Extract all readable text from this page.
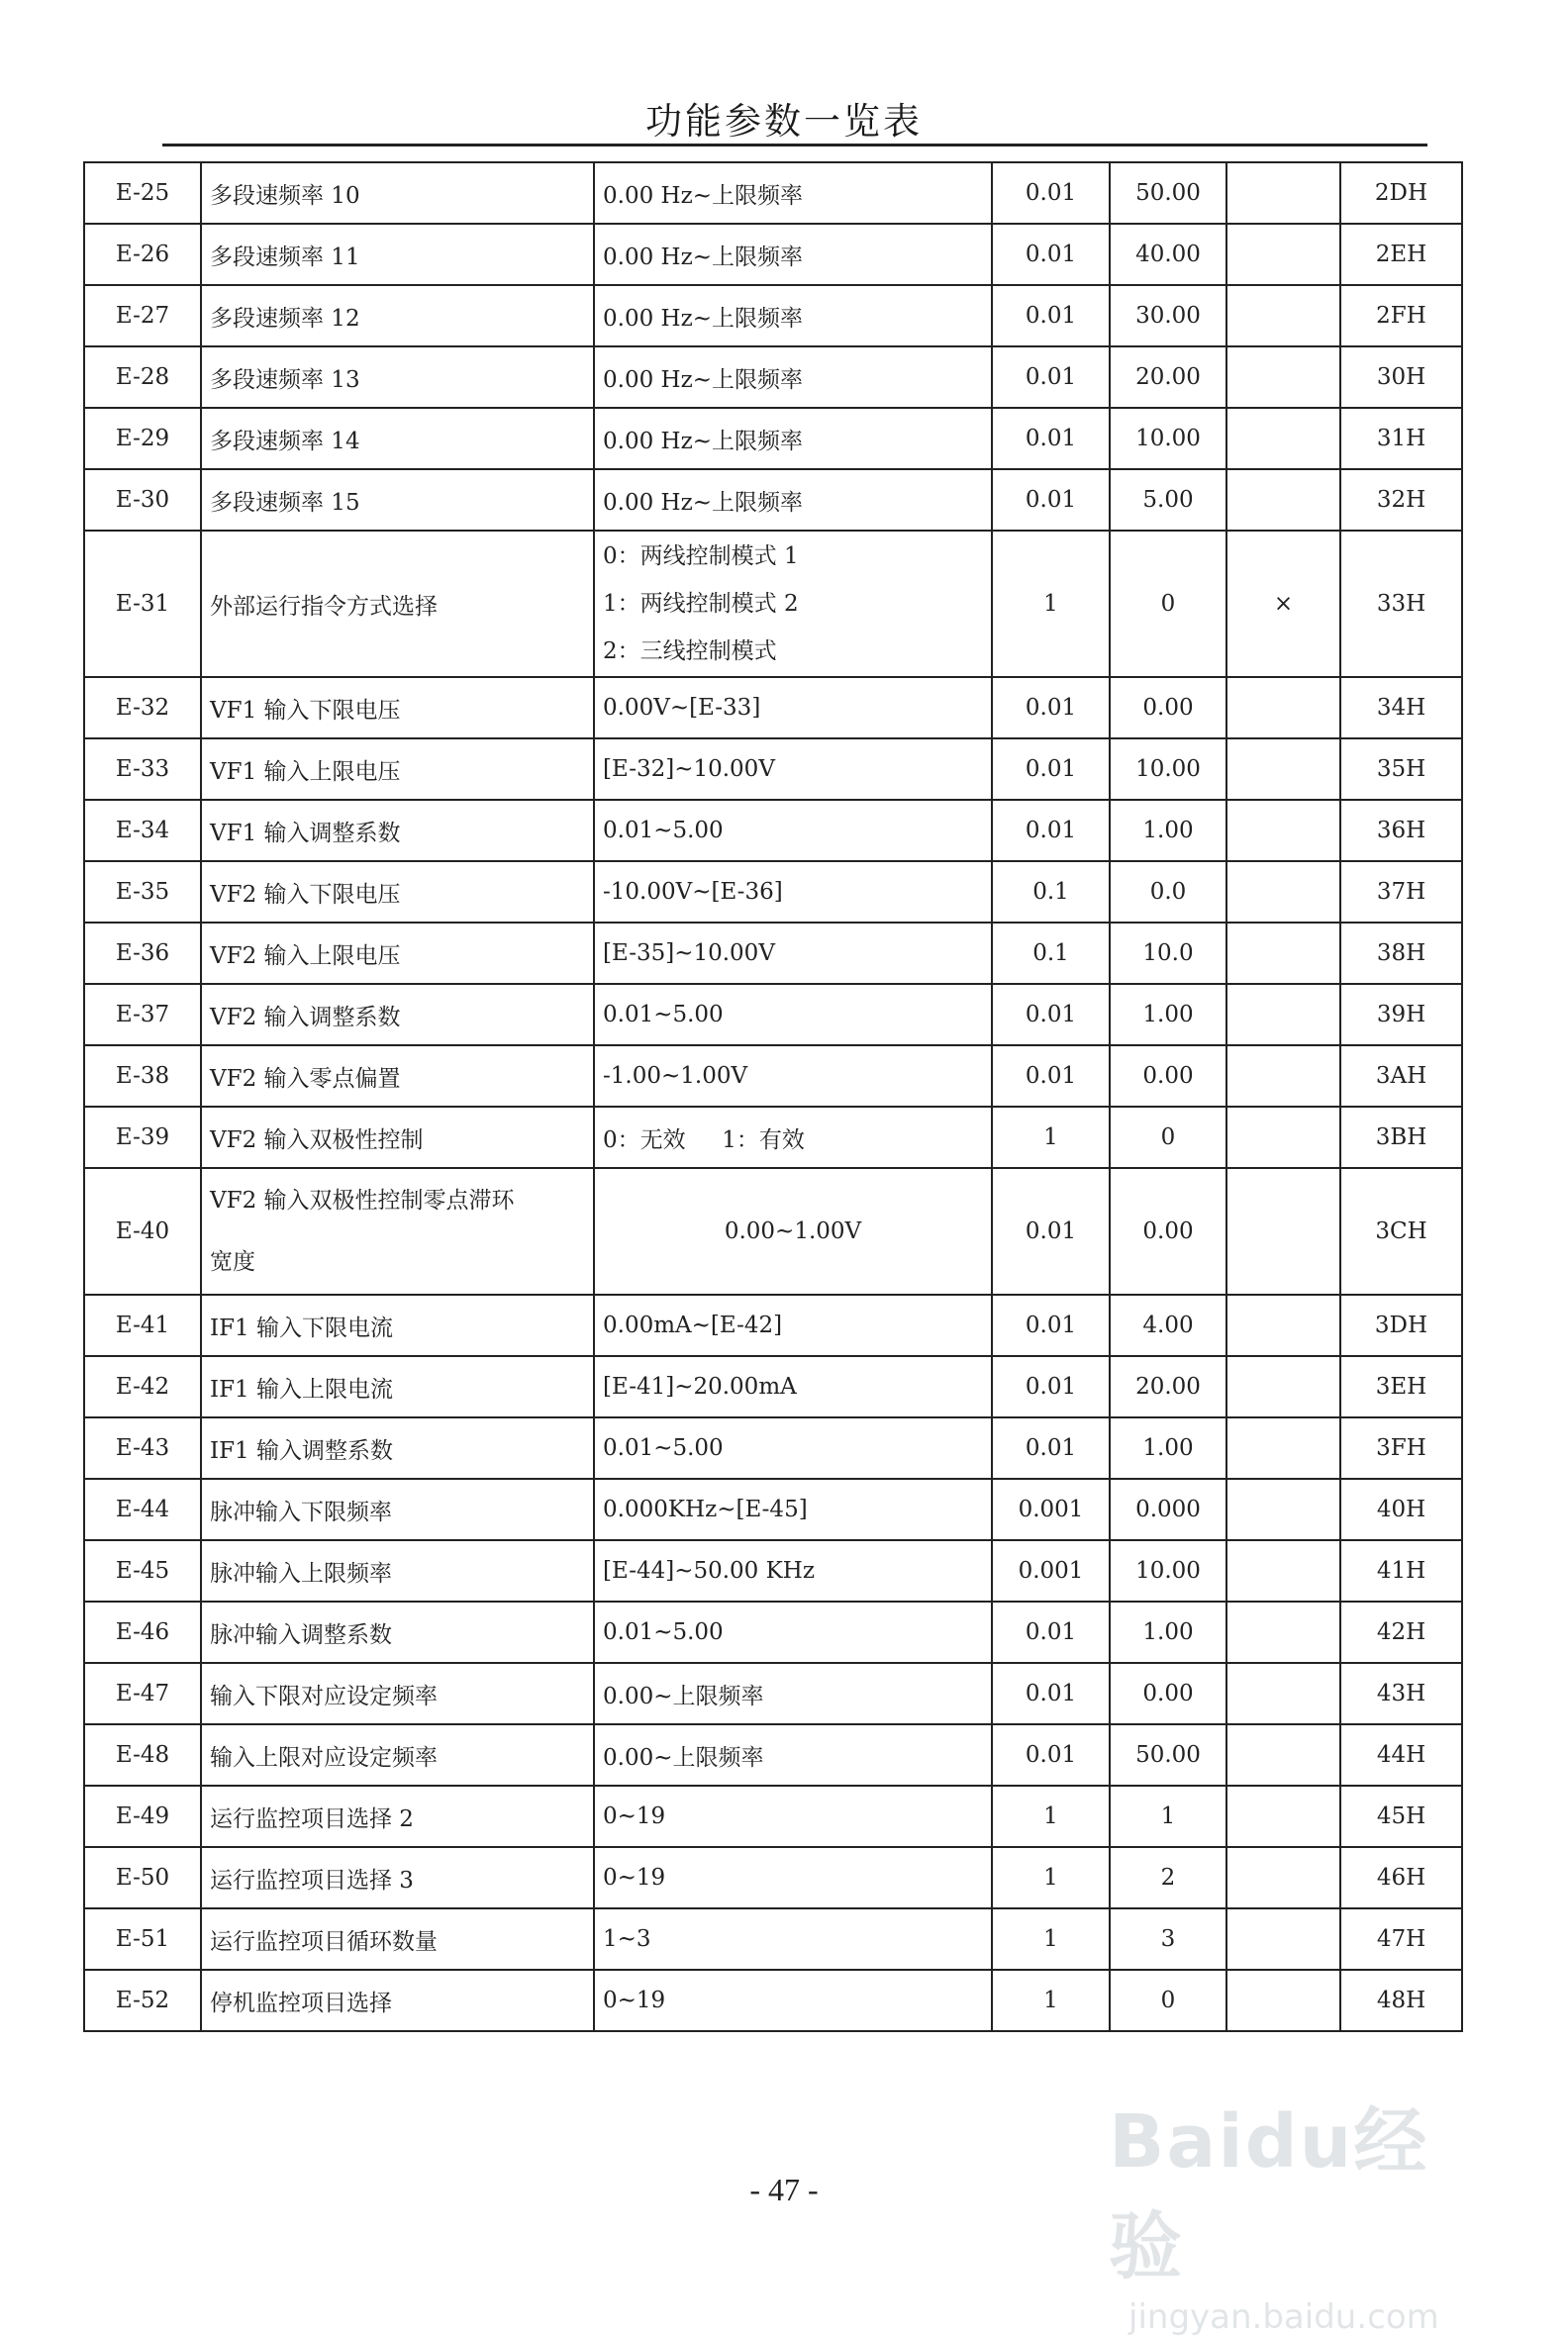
功能参数一览表
E-25	多段速频率 10	0.00 Hz~上限频率	0.01	50.00		2DH
E-26	多段速频率 11	0.00 Hz~上限频率	0.01	40.00		2EH
E-27	多段速频率 12	0.00 Hz~上限频率	0.01	30.00		2FH
E-28	多段速频率 13	0.00 Hz~上限频率	0.01	20.00		30H
E-29	多段速频率 14	0.00 Hz~上限频率	0.01	10.00		31H
E-30	多段速频率 15	0.00 Hz~上限频率	0.01	5.00		32H
E-31	外部运行指令方式选择	0：两线控制模式 1
1：两线控制模式 2
2：三线控制模式	1	0	×	33H
E-32	VF1 输入下限电压	0.00V~[E-33]	0.01	0.00		34H
E-33	VF1 输入上限电压	[E-32]~10.00V	0.01	10.00		35H
E-34	VF1 输入调整系数	0.01~5.00	0.01	1.00		36H
E-35	VF2 输入下限电压	-10.00V~[E-36]	0.1	0.0		37H
E-36	VF2 输入上限电压	[E-35]~10.00V	0.1	10.0		38H
E-37	VF2 输入调整系数	0.01~5.00	0.01	1.00		39H
E-38	VF2 输入零点偏置	-1.00~1.00V	0.01	0.00		3AH
E-39	VF2 输入双极性控制	0：无效     1：有效	1	0		3BH
E-40	VF2 输入双极性控制零点滞环
宽度	0.00~1.00V	0.01	0.00		3CH
E-41	IF1 输入下限电流	0.00mA~[E-42]	0.01	4.00		3DH
E-42	IF1 输入上限电流	[E-41]~20.00mA	0.01	20.00		3EH
E-43	IF1 输入调整系数	0.01~5.00	0.01	1.00		3FH
E-44	脉冲输入下限频率	0.000KHz~[E-45]	0.001	0.000		40H
E-45	脉冲输入上限频率	[E-44]~50.00 KHz	0.001	10.00		41H
E-46	脉冲输入调整系数	0.01~5.00	0.01	1.00		42H
E-47	输入下限对应设定频率	0.00~上限频率	0.01	0.00		43H
E-48	输入上限对应设定频率	0.00~上限频率	0.01	50.00		44H
E-49	运行监控项目选择 2	0~19	1	1		45H
E-50	运行监控项目选择 3	0~19	1	2		46H
E-51	运行监控项目循环数量	1~3	1	3		47H
E-52	停机监控项目选择	0~19	1	0		48H
- 47 -
Baidu经验
jingyan.baidu.com
